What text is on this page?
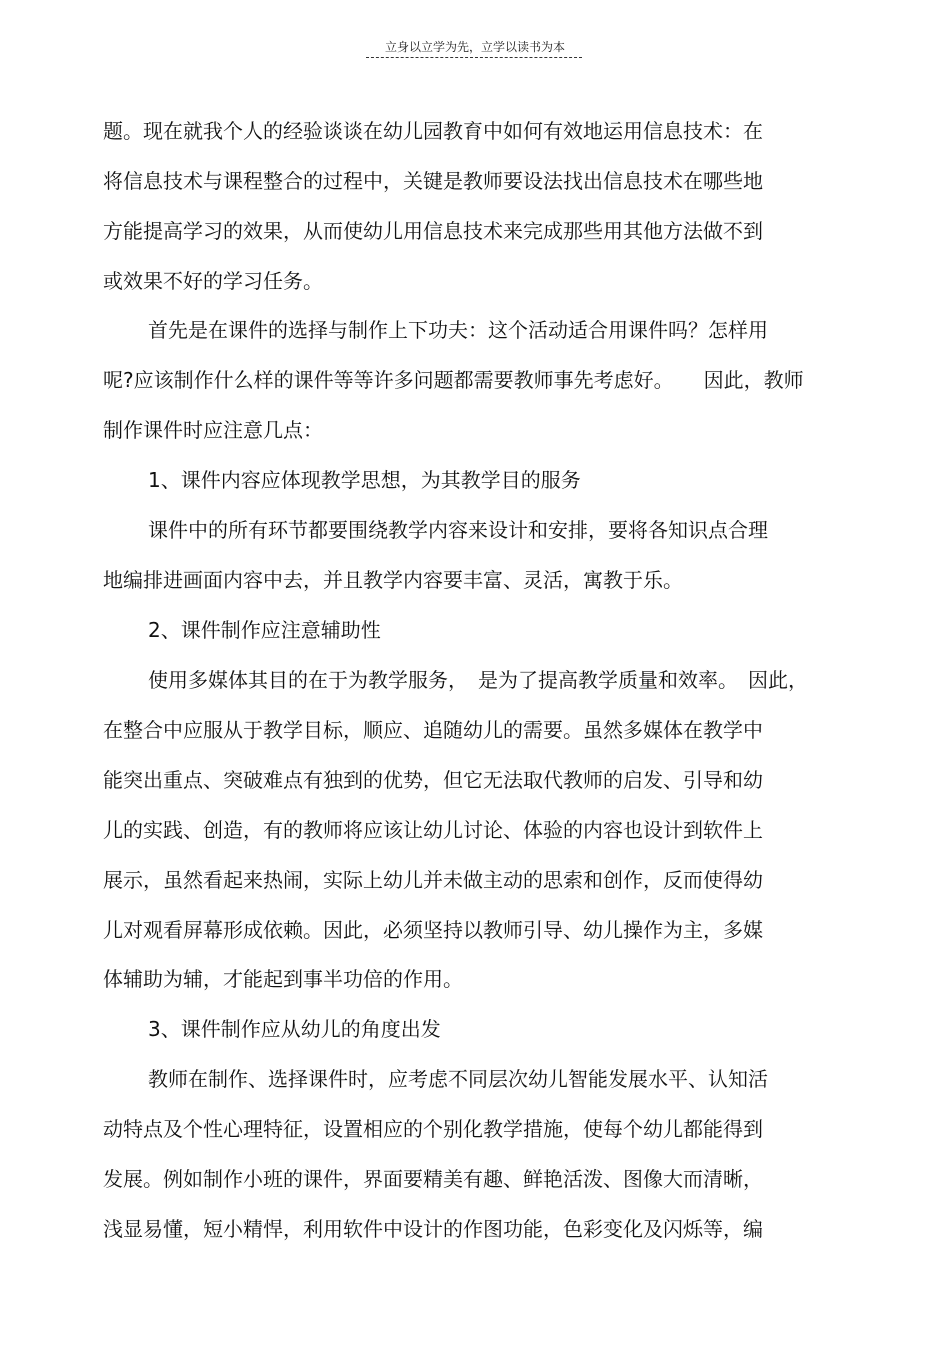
立身以立学为先，立学以读书为本
题。现在就我个人的经验谈谈在幼儿园教育中如何有效地运用信息技术：在
将信息技术与课程整合的过程中，关键是教师要设法找出信息技术在哪些地
方能提高学习的效果，从而使幼儿用信息技术来完成那些用其他方法做不到
或效果不好的学习任务。
首先是在课件的选择与制作上下功夫：这个活动适合用课件吗？怎样用
呢?应该制作什么样的课件等等许多问题都需要教师事先考虑好。　　因此，教师
制作课件时应注意几点：
1、课件内容应体现教学思想，为其教学目的服务
课件中的所有环节都要围绕教学内容来设计和安排，要将各知识点合理
地编排进画面内容中去，并且教学内容要丰富、灵活，寓教于乐。
2、课件制作应注意辅助性
使用多媒体其目的在于为教学服务，　是为了提高教学质量和效率。　因此，
在整合中应服从于教学目标，顺应、追随幼儿的需要。虽然多媒体在教学中
能突出重点、突破难点有独到的优势，但它无法取代教师的启发、引导和幼
儿的实践、创造，有的教师将应该让幼儿讨论、体验的内容也设计到软件上
展示，虽然看起来热闹，实际上幼儿并未做主动的思索和创作，反而使得幼
儿对观看屏幕形成依赖。因此，必须坚持以教师引导、幼儿操作为主，多媒
体辅助为辅，才能起到事半功倍的作用。
3、课件制作应从幼儿的角度出发
教师在制作、选择课件时，应考虑不同层次幼儿智能发展水平、认知活
动特点及个性心理特征，设置相应的个别化教学措施，使每个幼儿都能得到
发展。例如制作小班的课件，界面要精美有趣、鲜艳活泼、图像大而清晰，
浅显易懂，短小精悍，利用软件中设计的作图功能，色彩变化及闪烁等，编
